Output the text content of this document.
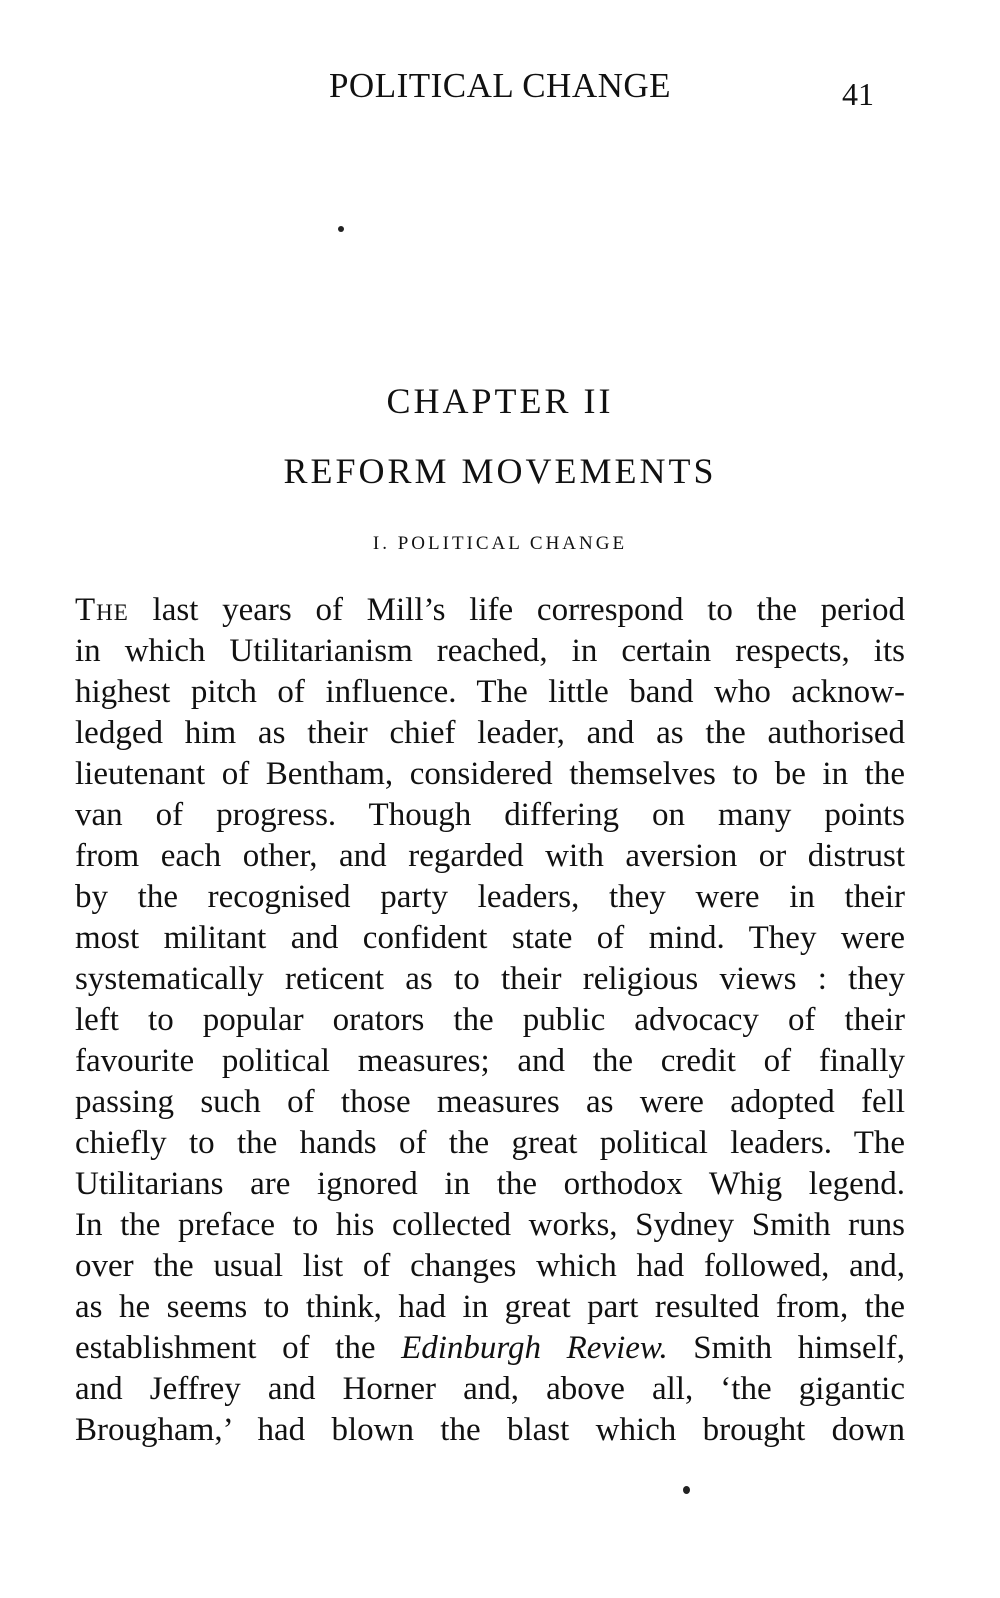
POLITICAL CHANGE	41
CHAPTER II
REFORM MOVEMENTS
I. POLITICAL CHANGE
The last years of Mill’s life correspond to the period
in which Utilitarianism reached, in certain respects, its
highest pitch of influence. The little band who acknow-
ledged him as their chief leader, and as the authorised
lieutenant of Bentham, considered themselves to be in the
van of progress. Though differing on many points
from each other, and regarded with aversion or distrust
by the recognised party leaders, they were in their
most militant and confident state of mind. They were
systematically reticent as to their religious views : they
left to popular orators the public advocacy of their
favourite political measures; and the credit of finally
passing such of those measures as were adopted fell
chiefly to the hands of the great political leaders. The
Utilitarians are ignored in the orthodox Whig legend.
In the preface to his collected works, Sydney Smith runs
over the usual list of changes which had followed, and,
as he seems to think, had in great part resulted from, the
establishment of the Edinburgh Review. Smith himself,
and Jeffrey and Horner and, above all, ‘the gigantic
Brougham,’ had blown the blast which brought down
